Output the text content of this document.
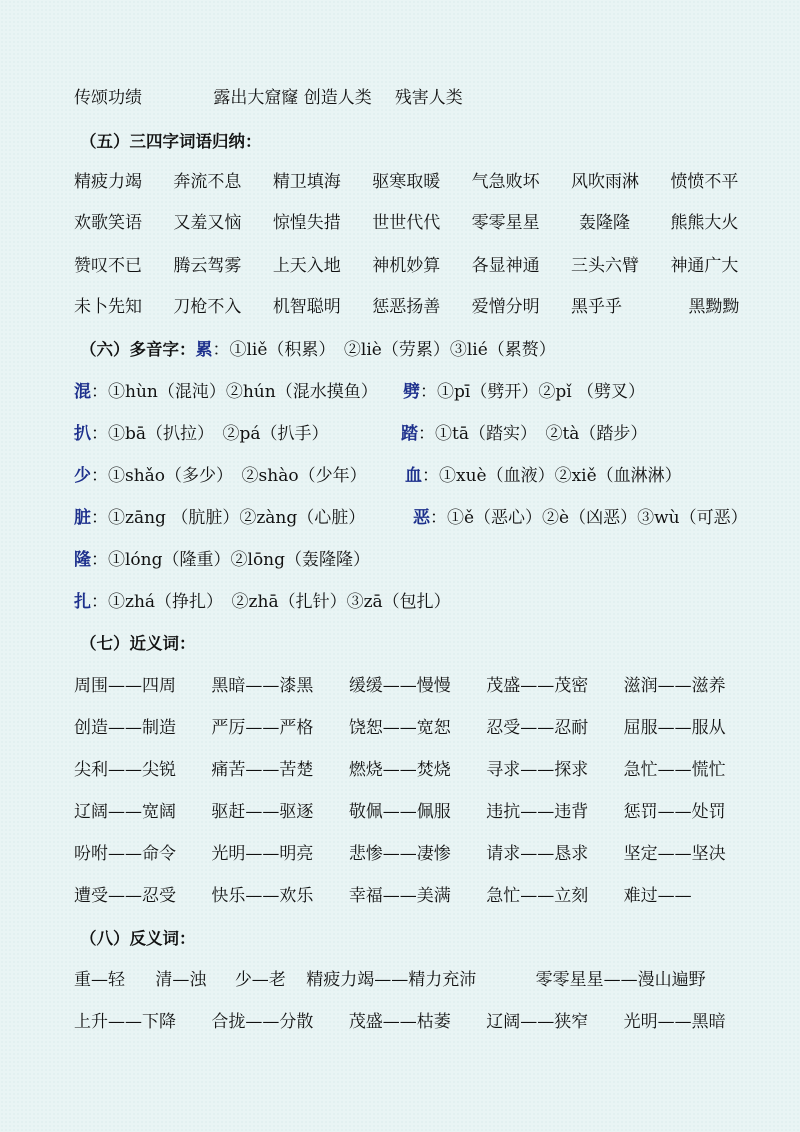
传颂功绩	露出大窟窿 创造人类 残害人类
（五）三四字词语归纳：
精疲力竭 奔流不息 精卫填海 驱寒取暖 气急败坏 风吹雨淋 愤愤不平
欢歌笑语 又羞又恼 惊惶失措 世世代代 零零星星 轰隆隆 熊熊大火
赞叹不已 腾云驾雾 上天入地 神机妙算 各显神通 三头六臂 神通广大
未卜先知 刀枪不入 机智聪明 惩恶扬善 爱憎分明 黑乎乎	黑黝黝
（六）多音字：累：①liě（积累）　②liè（劳累）③lié（累赘）
混：①hùn（混沌）②hún（混水摸鱼） 劈：①pī（劈开）②pǐ （劈叉）
扒：①bā（扒拉）　②pá（扒手）	踏：①tā（踏实）　②tà（踏步）
少：①shǎo（多少）　②shào（少年） 血：①xuè（血液）②xiě（血淋淋）
脏：①zāng （肮脏）②zàng（心脏）	恶：①ě（恶心）②è（凶恶）③wù（可恶）
隆：①lóng（隆重）②lōng（轰隆隆）
扎：①zhá（挣扎）　②zhā（扎针）③zā（包扎）
（七）近义词：
周围——四周 黑暗——漆黑 缓缓——慢慢 茂盛——茂密 滋润——滋养
创造——制造 严厉——严格 饶恕——宽恕 忍受——忍耐 屈服——服从
尖利——尖锐 痛苦——苦楚 燃烧——焚烧 寻求——探求 急忙——慌忙
辽阔——宽阔 驱赶——驱逐 敬佩——佩服 违抗——违背 惩罚——处罚
吩咐——命令 光明——明亮 悲惨——凄惨 请求——恳求 坚定——坚决
遭受——忍受 快乐——欢乐 幸福——美满 急忙——立刻 难过——
（八）反义词：
重—轻 清—浊 少—老 精疲力竭——精力充沛	零零星星——漫山遍野
上升——下降 合拢——分散 茂盛——枯萎 辽阔——狭窄 光明——黑暗
